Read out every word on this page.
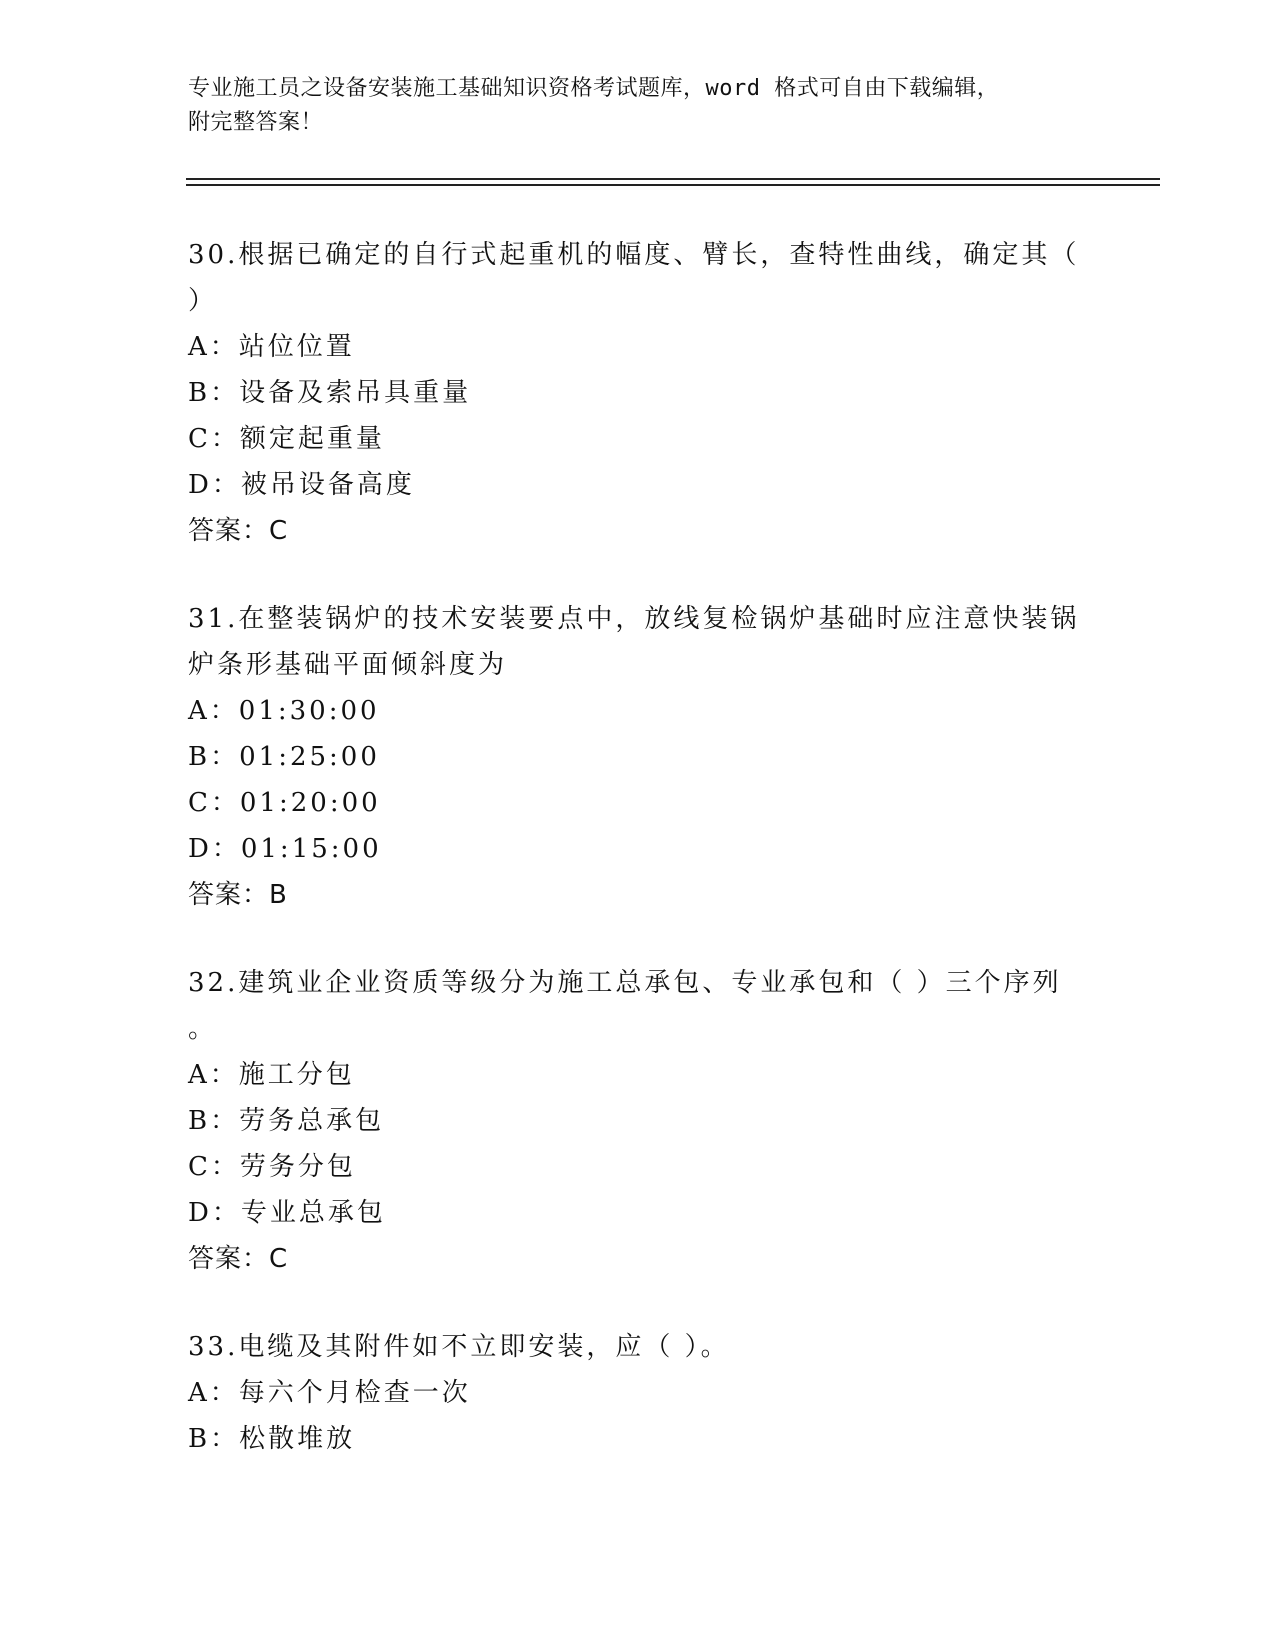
专业施工员之设备安装施工基础知识资格考试题库，word 格式可自由下载编辑，
附完整答案！
30.根据已确定的自行式起重机的幅度、臂长，查特性曲线，确定其（
）
A：站位位置
B：设备及索吊具重量
C：额定起重量
D：被吊设备高度
答案：C
31.在整装锅炉的技术安装要点中，放线复检锅炉基础时应注意快装锅
炉条形基础平面倾斜度为
A：01:30:00
B：01:25:00
C：01:20:00
D：01:15:00
答案：B
32.建筑业企业资质等级分为施工总承包、专业承包和（ ）三个序列
。
A：施工分包
B：劳务总承包
C：劳务分包
D：专业总承包
答案：C
33.电缆及其附件如不立即安装，应（ ）。
A：每六个月检查一次
B：松散堆放
